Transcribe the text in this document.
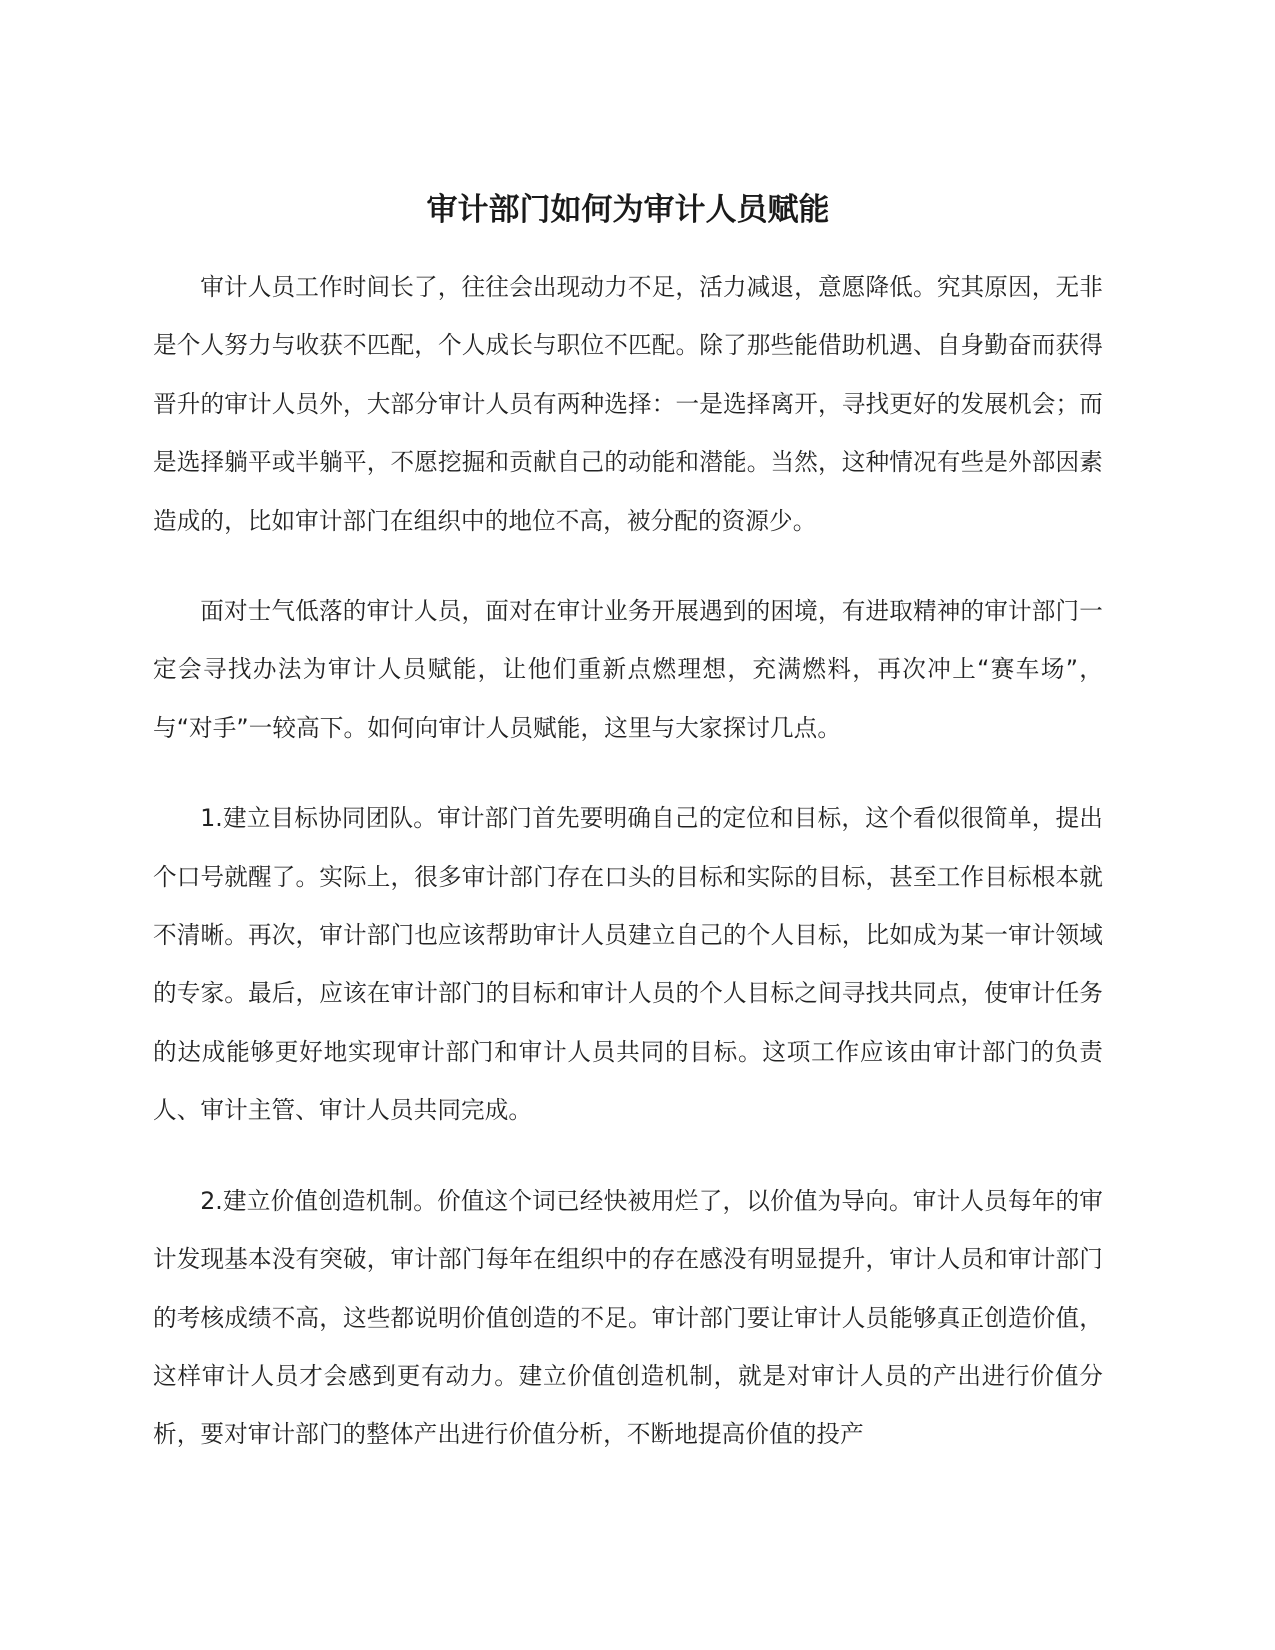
审计部门如何为审计人员赋能

审计人员工作时间长了，往往会出现动力不足，活力减退，意愿降低。究其原因，无非是个人努力与收获不匹配，个人成长与职位不匹配。除了那些能借助机遇、自身勤奋而获得晋升的审计人员外，大部分审计人员有两种选择：一是选择离开，寻找更好的发展机会；而是选择躺平或半躺平，不愿挖掘和贡献自己的动能和潜能。当然，这种情况有些是外部因素造成的，比如审计部门在组织中的地位不高，被分配的资源少。

面对士气低落的审计人员，面对在审计业务开展遇到的困境，有进取精神的审计部门一定会寻找办法为审计人员赋能，让他们重新点燃理想，充满燃料，再次冲上“赛车场”，与“对手”一较高下。如何向审计人员赋能，这里与大家探讨几点。

1.建立目标协同团队。审计部门首先要明确自己的定位和目标，这个看似很简单，提出个口号就醒了。实际上，很多审计部门存在口头的目标和实际的目标，甚至工作目标根本就不清晰。再次，审计部门也应该帮助审计人员建立自己的个人目标，比如成为某一审计领域的专家。最后，应该在审计部门的目标和审计人员的个人目标之间寻找共同点，使审计任务的达成能够更好地实现审计部门和审计人员共同的目标。这项工作应该由审计部门的负责人、审计主管、审计人员共同完成。

2.建立价值创造机制。价值这个词已经快被用烂了，以价值为导向。审计人员每年的审计发现基本没有突破，审计部门每年在组织中的存在感没有明显提升，审计人员和审计部门的考核成绩不高，这些都说明价值创造的不足。审计部门要让审计人员能够真正创造价值，这样审计人员才会感到更有动力。建立价值创造机制，就是对审计人员的产出进行价值分析，要对审计部门的整体产出进行价值分析，不断地提高价值的投产
